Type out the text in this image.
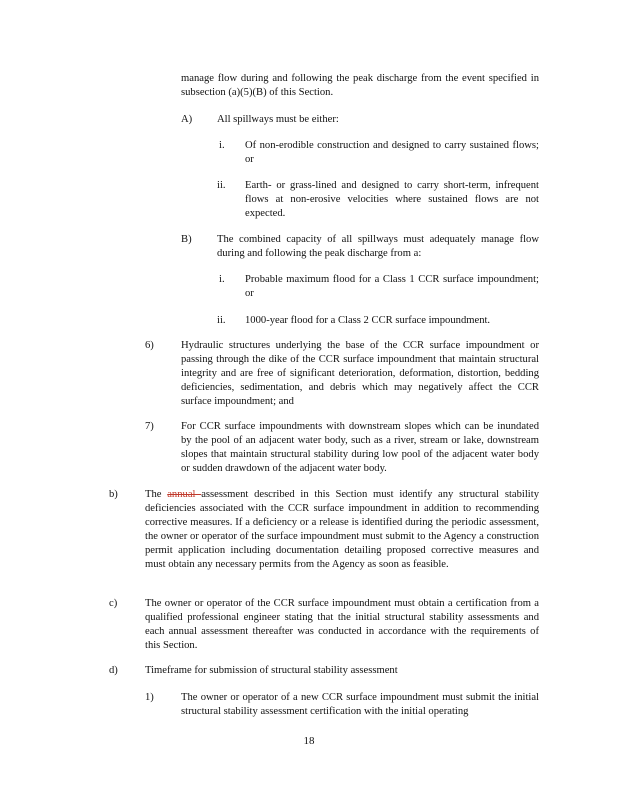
manage flow during and following the peak discharge from the event specified in subsection (a)(5)(B) of this Section.
A) All spillways must be either:
i. Of non-erodible construction and designed to carry sustained flows; or
ii. Earth- or grass-lined and designed to carry short-term, infrequent flows at non-erosive velocities where sustained flows are not expected.
B) The combined capacity of all spillways must adequately manage flow during and following the peak discharge from a:
i. Probable maximum flood for a Class 1 CCR surface impoundment; or
ii. 1000-year flood for a Class 2 CCR surface impoundment.
6)	Hydraulic structures underlying the base of the CCR surface impoundment or passing through the dike of the CCR surface impoundment that maintain structural integrity and are free of significant deterioration, deformation, distortion, bedding deficiencies, sedimentation, and debris which may negatively affect the CCR surface impoundment; and
7)	For CCR surface impoundments with downstream slopes which can be inundated by the pool of an adjacent water body, such as a river, stream or lake, downstream slopes that maintain structural stability during low pool of the adjacent water body or sudden drawdown of the adjacent water body.
b)	The annual assessment described in this Section must identify any structural stability deficiencies associated with the CCR surface impoundment in addition to recommending corrective measures. If a deficiency or a release is identified during the periodic assessment, the owner or operator of the surface impoundment must submit to the Agency a construction permit application including documentation detailing proposed corrective measures and must obtain any necessary permits from the Agency as soon as feasible.
c)	The owner or operator of the CCR surface impoundment must obtain a certification from a qualified professional engineer stating that the initial structural stability assessments and each annual assessment thereafter was conducted in accordance with the requirements of this Section.
d)	Timeframe for submission of structural stability assessment
1)	The owner or operator of a new CCR surface impoundment must submit the initial structural stability assessment certification with the initial operating
18
